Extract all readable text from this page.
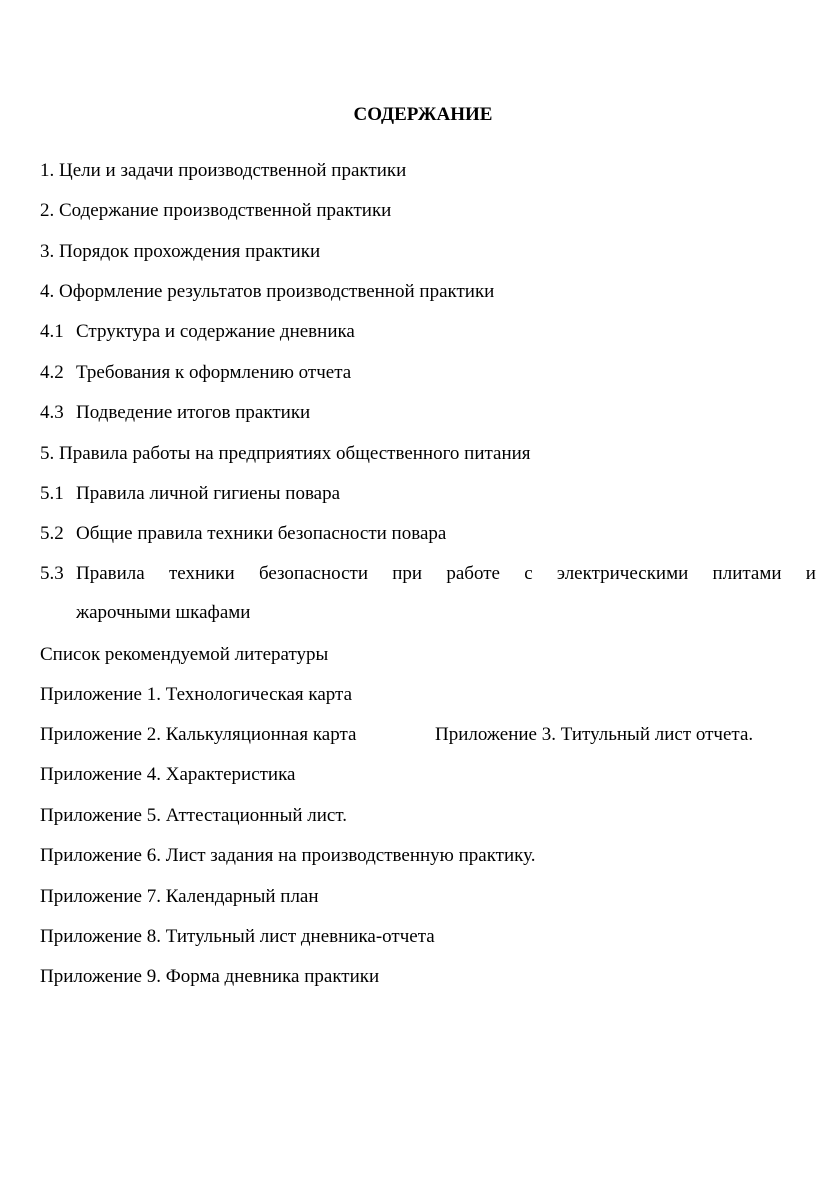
СОДЕРЖАНИЕ
1. Цели и задачи производственной практики
2. Содержание производственной практики
3. Порядок прохождения практики
4. Оформление результатов производственной практики
4.1 Структура и содержание дневника
4.2 Требования к оформлению отчета
4.3 Подведение итогов практики
5. Правила работы на предприятиях общественного питания
5.1 Правила личной гигиены повара
5.2 Общие правила техники безопасности повара
5.3 Правила техники безопасности при работе с электрическими плитами и
жарочными шкафами
Список рекомендуемой литературы
Приложение 1. Технологическая карта
Приложение 2. Калькуляционная карта	Приложение 3. Титульный лист отчета.
Приложение 4. Характеристика
Приложение 5. Аттестационный лист.
Приложение 6. Лист задания на производственную практику.
Приложение 7. Календарный план
Приложение 8. Титульный лист дневника-отчета
Приложение 9. Форма дневника практики
